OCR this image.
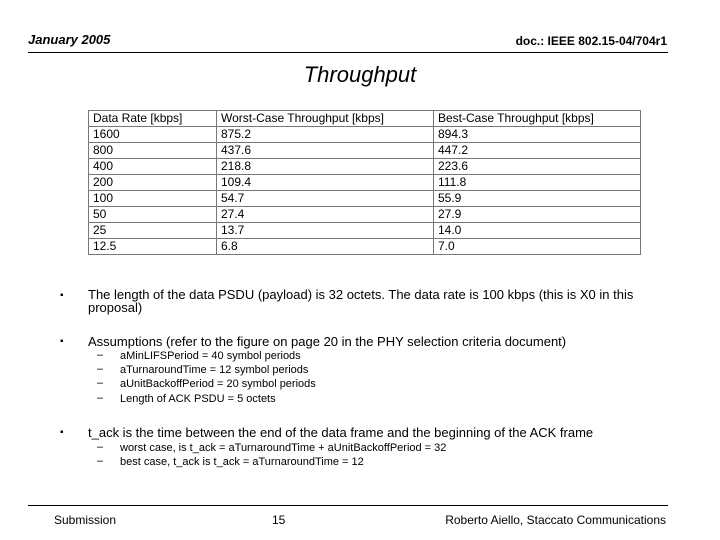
January 2005	doc.: IEEE 802.15-04/704r1
Throughput
Data Rate [kbps]	Worst-Case Throughput [kbps]	Best-Case Throughput [kbps]
1600	875.2	894.3
800	437.6	447.2
400	218.8	223.6
200	109.4	111.8
100	54.7	55.9
50	27.4	27.9
25	13.7	14.0
12.5	6.8	7.0
▪ The length of the data PSDU (payload) is 32 octets. The data rate is 100 kbps (this is X0 in this proposal)
▪ Assumptions (refer to the figure on page 20 in the PHY selection criteria document)
– aMinLIFSPeriod = 40 symbol periods
– aTurnaroundTime = 12 symbol periods
– aUnitBackoffPeriod = 20 symbol periods
– Length of ACK PSDU = 5 octets
▪ t_ack is the time between the end of the data frame and the beginning of the ACK frame
– worst case, is t_ack = aTurnaroundTime + aUnitBackoffPeriod = 32
– best case, t_ack is t_ack = aTurnaroundTime = 12
Submission	15	Roberto Aiello, Staccato Communications
